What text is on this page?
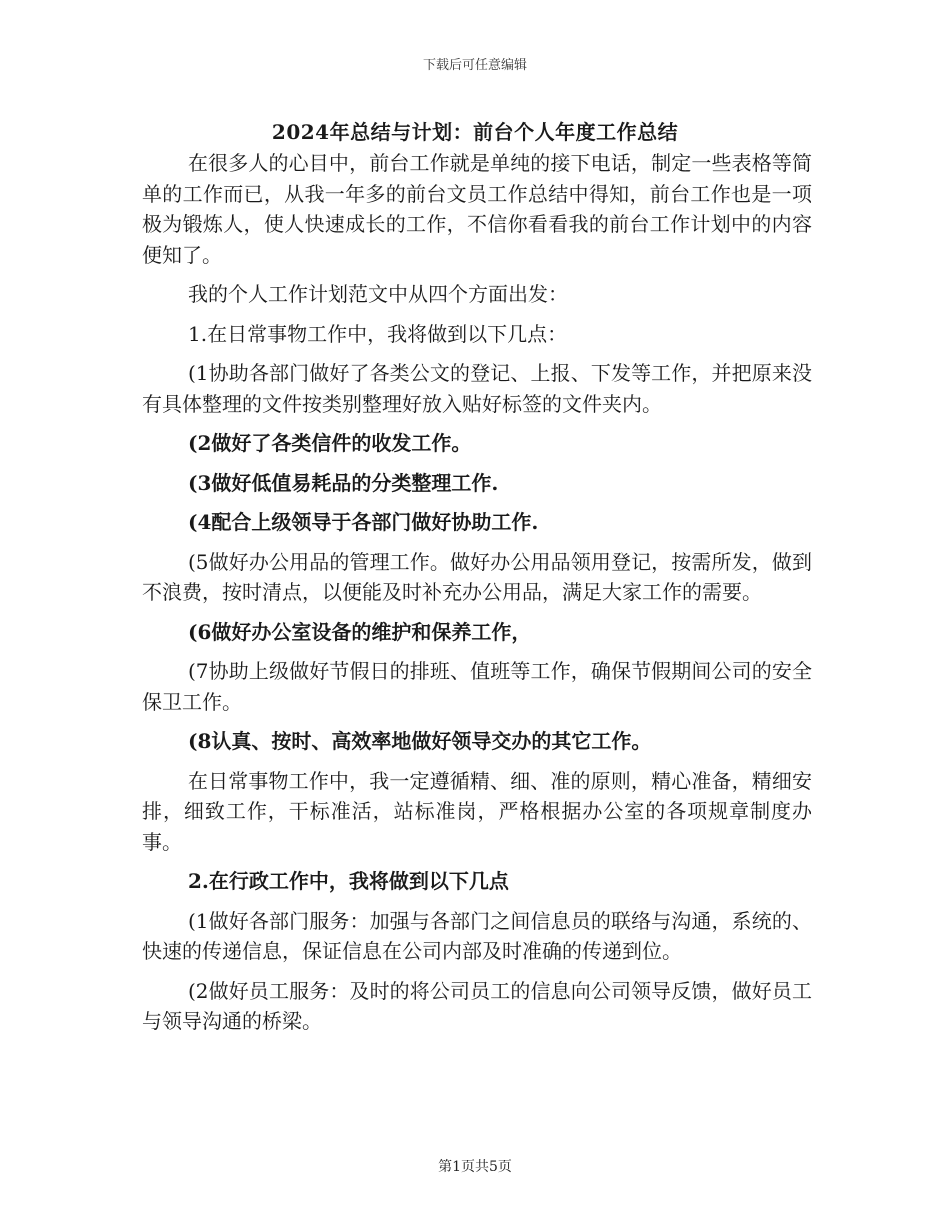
下载后可任意编辑
2024年总结与计划：前台个人年度工作总结

在很多人的心目中，前台工作就是单纯的接下电话，制定一些表格等简单的工作而已，从我一年多的前台文员工作总结中得知，前台工作也是一项极为锻炼人，使人快速成长的工作，不信你看看我的前台工作计划中的内容便知了。

我的个人工作计划范文中从四个方面出发：

1.在日常事物工作中，我将做到以下几点：

(1协助各部门做好了各类公文的登记、上报、下发等工作，并把原来没有具体整理的文件按类别整理好放入贴好标签的文件夹内。

(2做好了各类信件的收发工作。

(3做好低值易耗品的分类整理工作.

(4配合上级领导于各部门做好协助工作.

(5做好办公用品的管理工作。做好办公用品领用登记，按需所发，做到不浪费，按时清点，以便能及时补充办公用品，满足大家工作的需要。

(6做好办公室设备的维护和保养工作，

(7协助上级做好节假日的排班、值班等工作，确保节假期间公司的安全保卫工作。

(8认真、按时、高效率地做好领导交办的其它工作。

在日常事物工作中，我一定遵循精、细、准的原则，精心准备，精细安排，细致工作，干标准活，站标准岗，严格根据办公室的各项规章制度办事。

2.在行政工作中，我将做到以下几点

(1做好各部门服务：加强与各部门之间信息员的联络与沟通，系统的、快速的传递信息，保证信息在公司内部及时准确的传递到位。

(2做好员工服务：及时的将公司员工的信息向公司领导反馈，做好员工与领导沟通的桥梁。

第1页共5页
